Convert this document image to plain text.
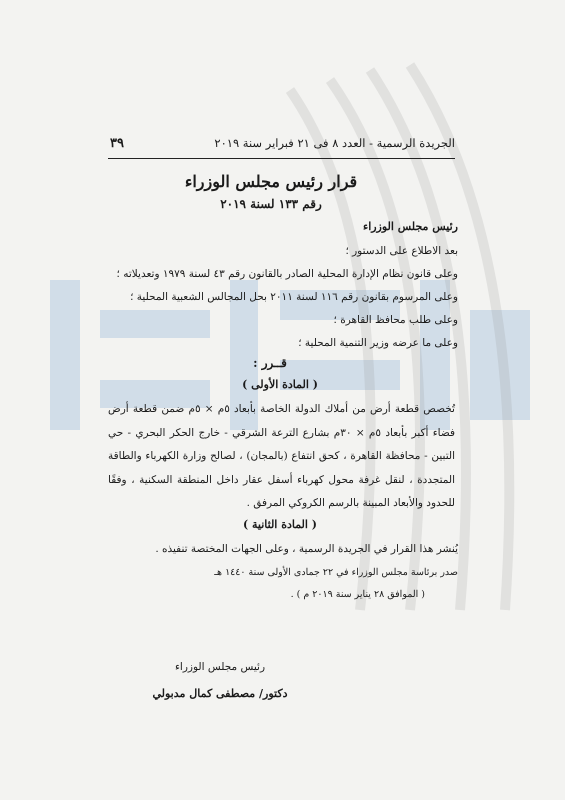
الجريدة الرسمية - العدد ٨ فى ٢١ فبراير سنة ٢٠١٩
٣٩
قرار رئيس مجلس الوزراء
رقم ١٣٣ لسنة ٢٠١٩
رئيس مجلس الوزراء
بعد الاطلاع على الدستور ؛
وعلى قانون نظام الإدارة المحلية الصادر بالقانون رقم ٤٣ لسنة ١٩٧٩ وتعديلاته ؛
وعلى المرسوم بقانون رقم ١١٦ لسنة ٢٠١١ بحل المجالس الشعبية المحلية ؛
وعلى طلب محافظ القاهرة ؛
وعلى ما عرضه وزير التنمية المحلية ؛
قــرر :
( المادة الأولى )
تُخصص قطعة أرض من أملاك الدولة الخاصة بأبعاد ٥م × ٥م ضمن قطعة أرض فضاء أكبر بأبعاد ٥م × ٣٠م بشارع الترعة الشرقي - خارج الحكر البحري - حي التبين - محافظة القاهرة ، كحق انتفاع (بالمجان) ، لصالح وزارة الكهرباء والطاقة المتجددة ، لنقل غرفة محول كهرباء أسفل عقار داخل المنطقة السكنية ، وفقًا للحدود والأبعاد المبينة بالرسم الكروكي المرفق .
( المادة الثانية )
يُنشر هذا القرار في الجريدة الرسمية ، وعلى الجهات المختصة تنفيذه .
صدر برئاسة مجلس الوزراء في ٢٢ جمادى الأولى سنة ١٤٤٠ هـ
( الموافق ٢٨ يناير سنة ٢٠١٩ م ) .
رئيس مجلس الوزراء
دكتور/ مصطفى كمال مدبولي
